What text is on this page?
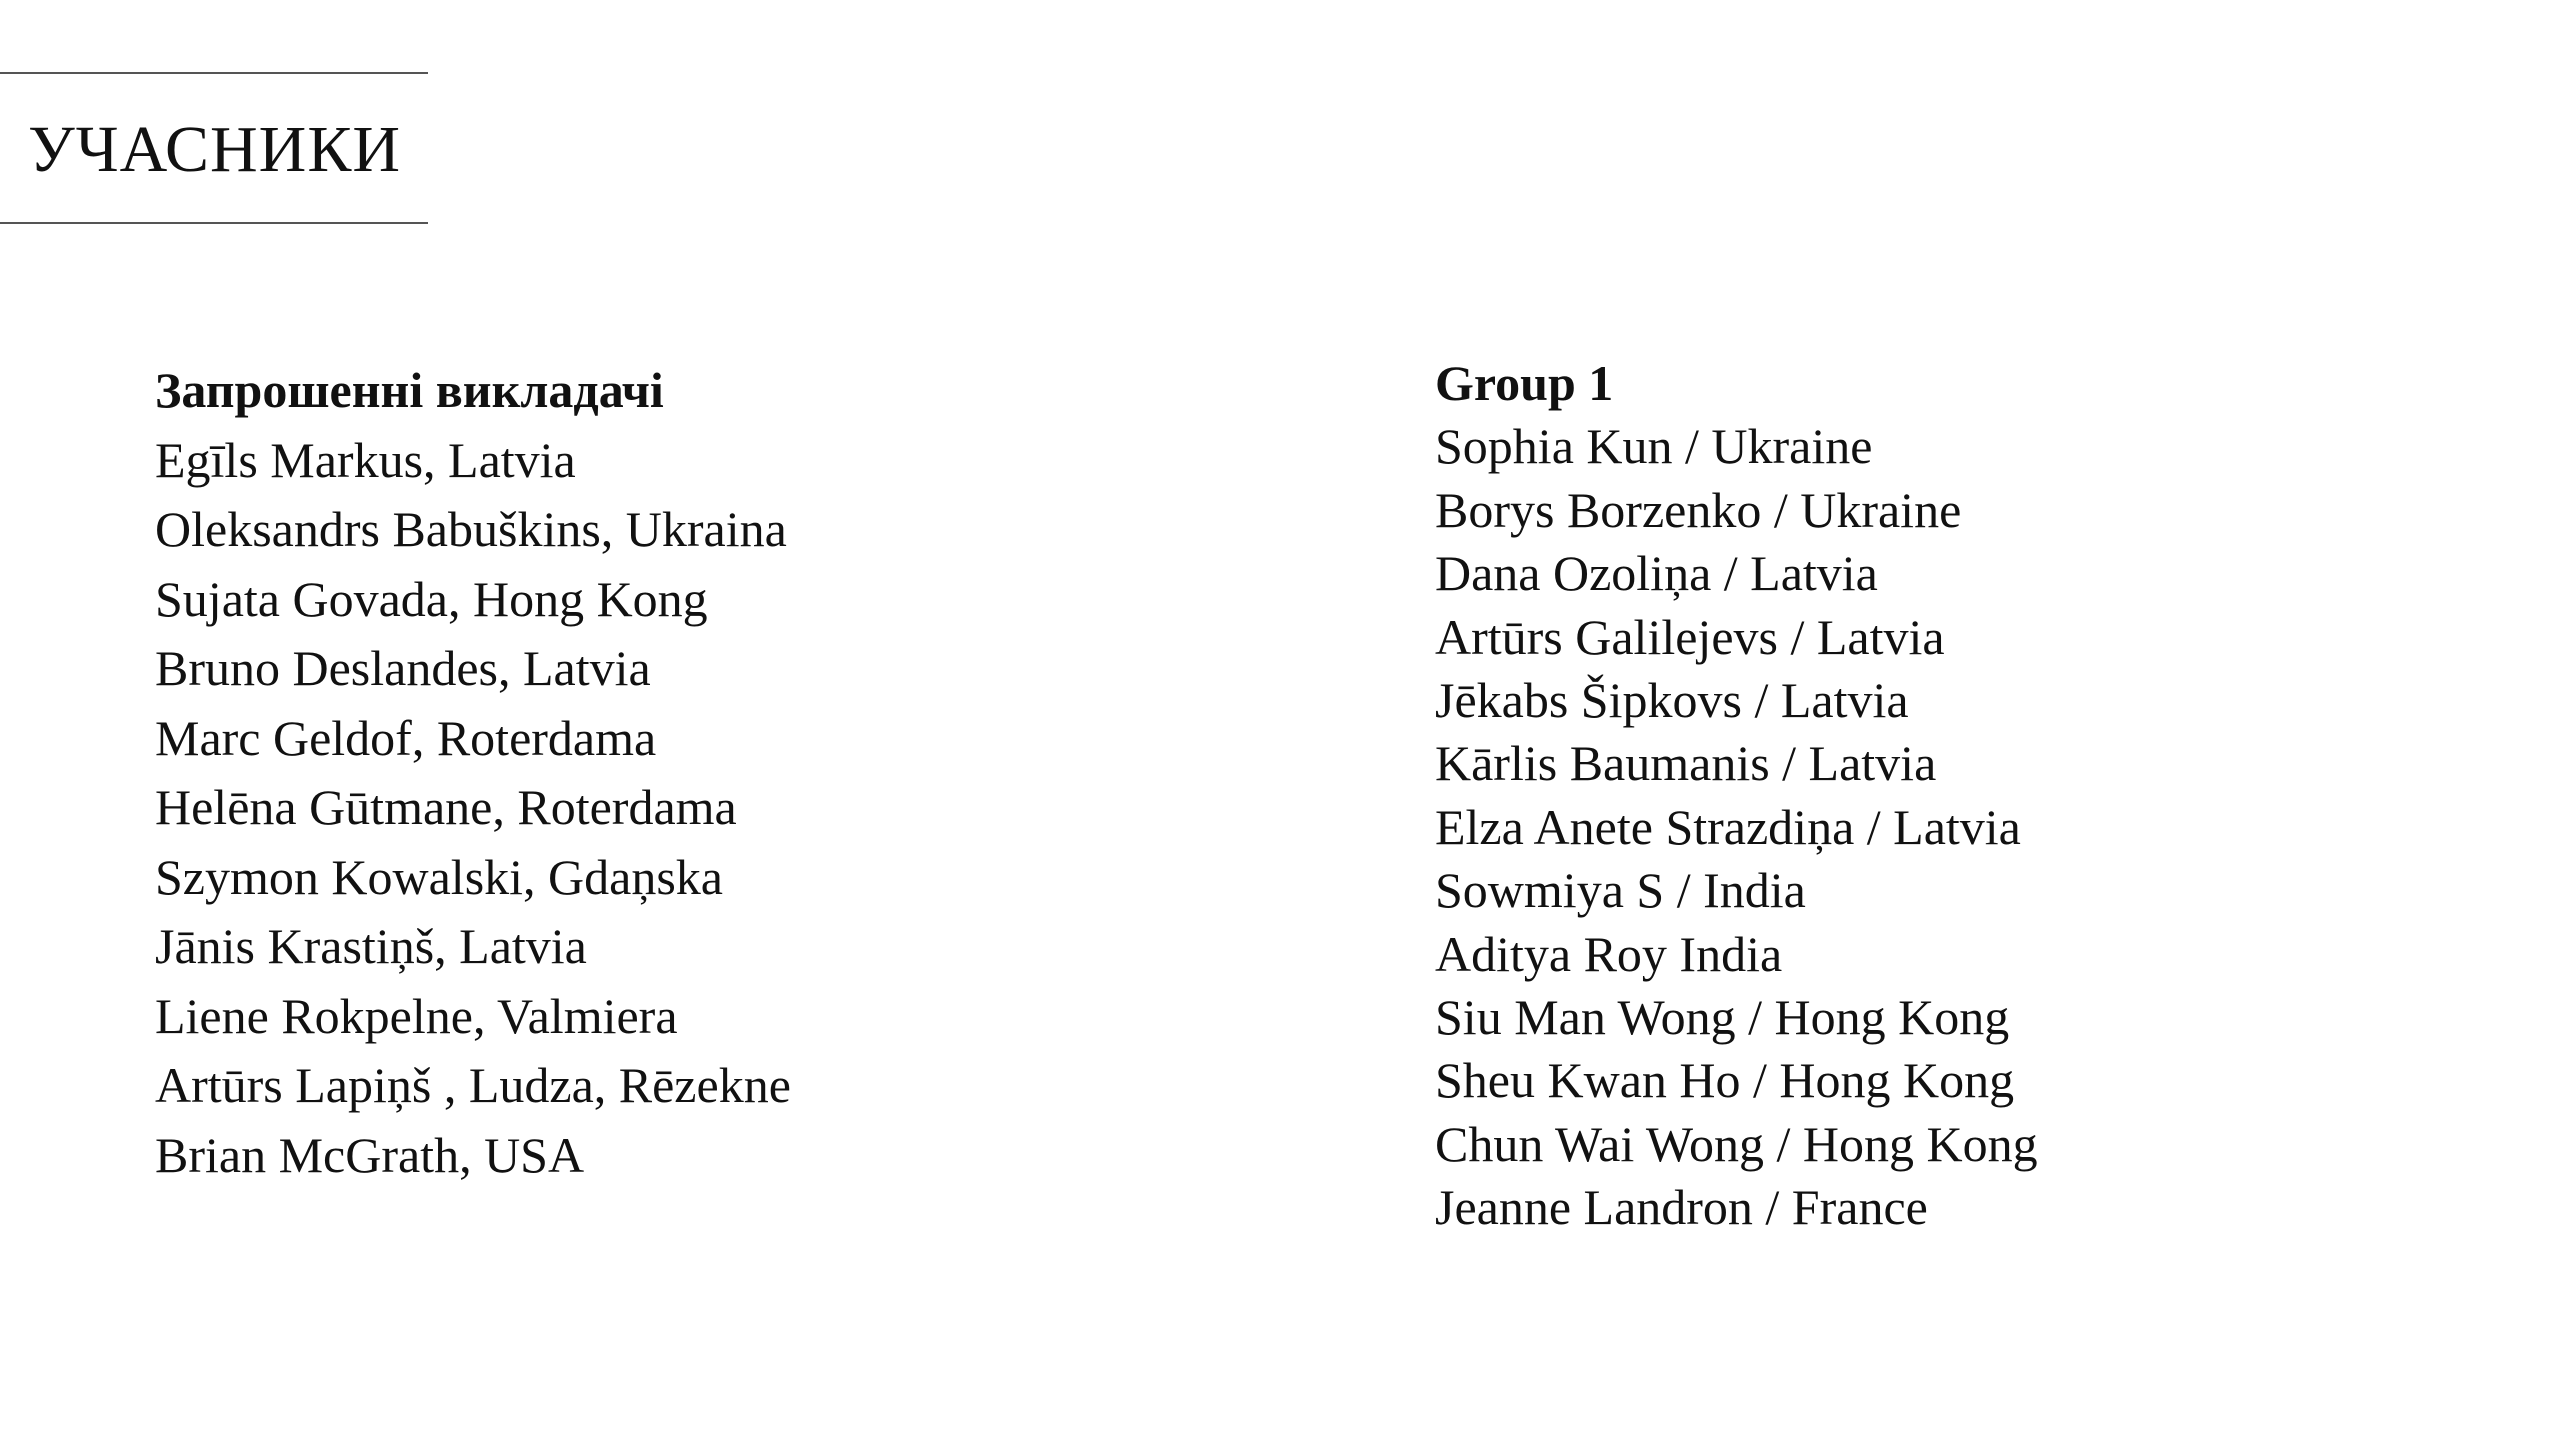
УЧАСНИКИ
Запрошенні викладачі
Egīls Markus, Latvia
Oleksandrs Babuškins, Ukraina
Sujata Govada, Hong Kong
Bruno Deslandes, Latvia
Marc Geldof, Roterdama
Helēna Gūtmane, Roterdama
Szymon Kowalski, Gdaņska
Jānis Krastiņš, Latvia
Liene Rokpelne, Valmiera
Artūrs Lapiņš , Ludza, Rēzekne
Brian McGrath, USA
Group 1
Sophia Kun / Ukraine
Borys Borzenko / Ukraine
Dana Ozoliņa / Latvia
Artūrs Galilejevs / Latvia
Jēkabs Šipkovs / Latvia
Kārlis Baumanis / Latvia
Elza Anete Strazdiņa / Latvia
Sowmiya S / India
Aditya Roy India
Siu Man Wong / Hong Kong
Sheu Kwan Ho / Hong Kong
Chun Wai Wong / Hong Kong
Jeanne Landron / France
